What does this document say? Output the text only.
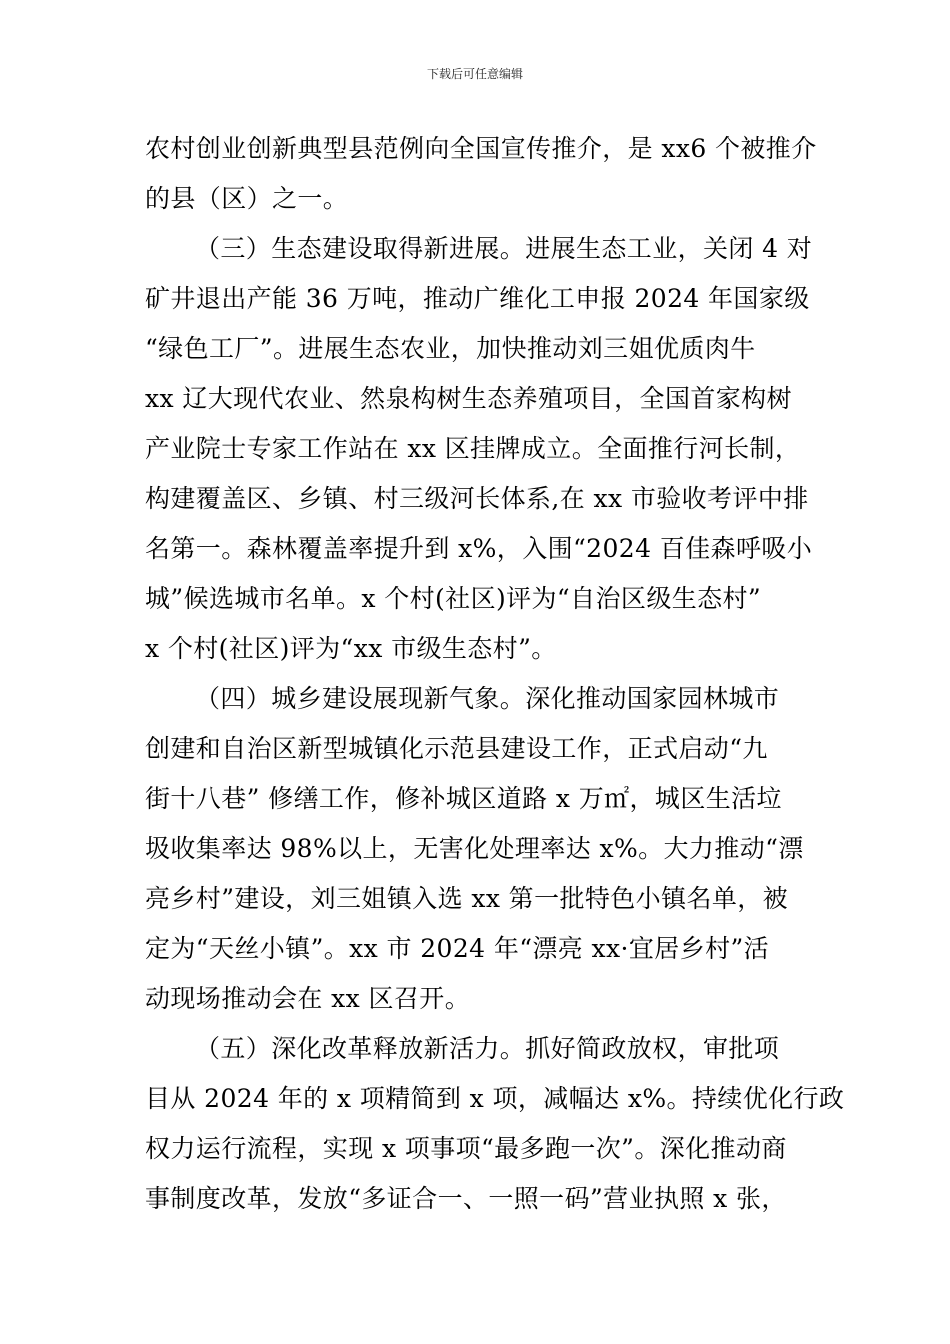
下载后可任意编辑
农村创业创新典型县范例向全国宣传推介，是 xx6 个被推介
的县（区）之一。
（三）生态建设取得新进展。进展生态工业，关闭 4 对
矿井退出产能 36 万吨，推动广维化工申报 2024 年国家级
“绿色工厂”。进展生态农业，加快推动刘三姐优质肉牛
xx 辽大现代农业、然泉构树生态养殖项目，全国首家构树
产业院士专家工作站在 xx 区挂牌成立。全面推行河长制，
构建覆盖区、乡镇、村三级河长体系,在 xx 市验收考评中排
名第一。森林覆盖率提升到 x%，入围“2024 百佳森呼吸小
城”候选城市名单。x 个村(社区)评为“自治区级生态村”
x 个村(社区)评为“xx 市级生态村”。
（四）城乡建设展现新气象。深化推动国家园林城市
创建和自治区新型城镇化示范县建设工作，正式启动“九
街十八巷” 修缮工作，修补城区道路 x 万㎡，城区生活垃
圾收集率达 98%以上，无害化处理率达 x%。大力推动“漂
亮乡村”建设，刘三姐镇入选 xx 第一批特色小镇名单，被
定为“天丝小镇”。xx 市 2024 年“漂亮 xx·宜居乡村”活
动现场推动会在 xx 区召开。
（五）深化改革释放新活力。抓好简政放权，审批项
目从 2024 年的 x 项精简到 x 项，减幅达 x%。持续优化行政
权力运行流程，实现 x 项事项“最多跑一次”。深化推动商
事制度改革，发放“多证合一、一照一码”营业执照 x 张，
